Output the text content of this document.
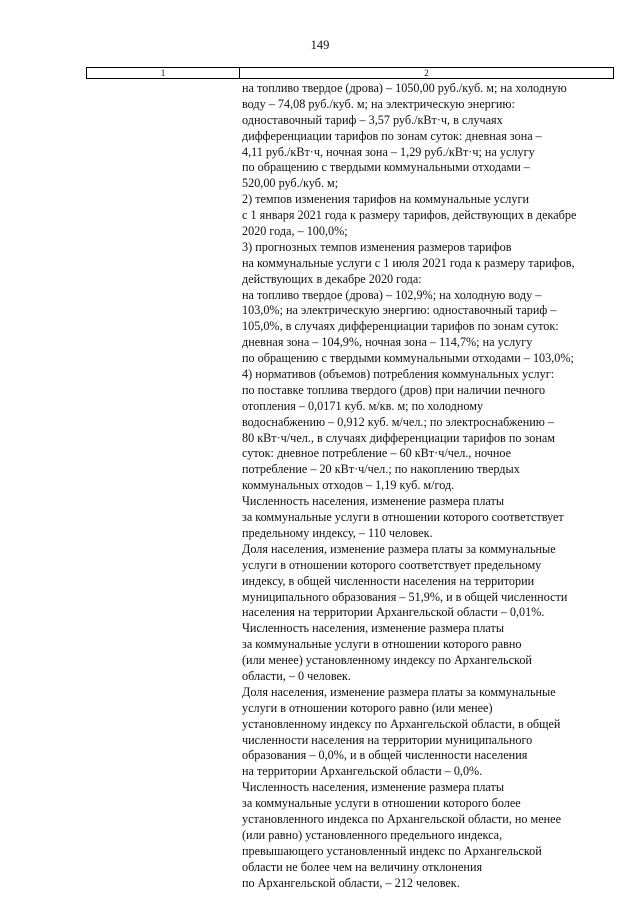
149
1	2
на топливо твердое (дрова) – 1050,00 руб./куб. м; на холодную
воду – 74,08 руб./куб. м; на электрическую энергию:
одноставочный тариф – 3,57 руб./кВт·ч, в случаях
дифференциации тарифов по зонам суток: дневная зона –
4,11 руб./кВт·ч, ночная зона – 1,29 руб./кВт·ч; на услугу
по обращению с твердыми коммунальными отходами –
520,00 руб./куб. м;
2) темпов изменения тарифов на коммунальные услуги
с 1 января 2021 года к размеру тарифов, действующих в декабре
2020 года, – 100,0%;
3) прогнозных темпов изменения размеров тарифов
на коммунальные услуги с 1 июля 2021 года к размеру тарифов,
действующих в декабре 2020 года:
на топливо твердое (дрова) – 102,9%; на холодную воду –
103,0%; на электрическую энергию: одноставочный тариф –
105,0%, в случаях дифференциации тарифов по зонам суток:
дневная зона – 104,9%, ночная зона – 114,7%; на услугу
по обращению с твердыми коммунальными отходами – 103,0%;
4) нормативов (объемов) потребления коммунальных услуг:
по поставке топлива твердого (дров) при наличии печного
отопления – 0,0171 куб. м/кв. м; по холодному
водоснабжению – 0,912 куб. м/чел.; по электроснабжению –
80 кВт·ч/чел., в случаях дифференциации тарифов по зонам
суток: дневное потребление – 60 кВт·ч/чел., ночное
потребление – 20 кВт·ч/чел.; по накоплению твердых
коммунальных отходов – 1,19 куб. м/год.
Численность населения, изменение размера платы
за коммунальные услуги в отношении которого соответствует
предельному индексу, – 110 человек.
Доля населения, изменение размера платы за коммунальные
услуги в отношении которого соответствует предельному
индексу, в общей численности населения на территории
муниципального образования – 51,9%, и в общей численности
населения на территории Архангельской области – 0,01%.
Численность населения, изменение размера платы
за коммунальные услуги в отношении которого равно
(или менее) установленному индексу по Архангельской
области, – 0 человек.
Доля населения, изменение размера платы за коммунальные
услуги в отношении которого равно (или менее)
установленному индексу по Архангельской области, в общей
численности населения на территории муниципального
образования – 0,0%, и в общей численности населения
на территории Архангельской области – 0,0%.
Численность населения, изменение размера платы
за коммунальные услуги в отношении которого более
установленного индекса по Архангельской области, но менее
(или равно) установленного предельного индекса,
превышающего установленный индекс по Архангельской
области не более чем на величину отклонения
по Архангельской области, – 212 человек.
